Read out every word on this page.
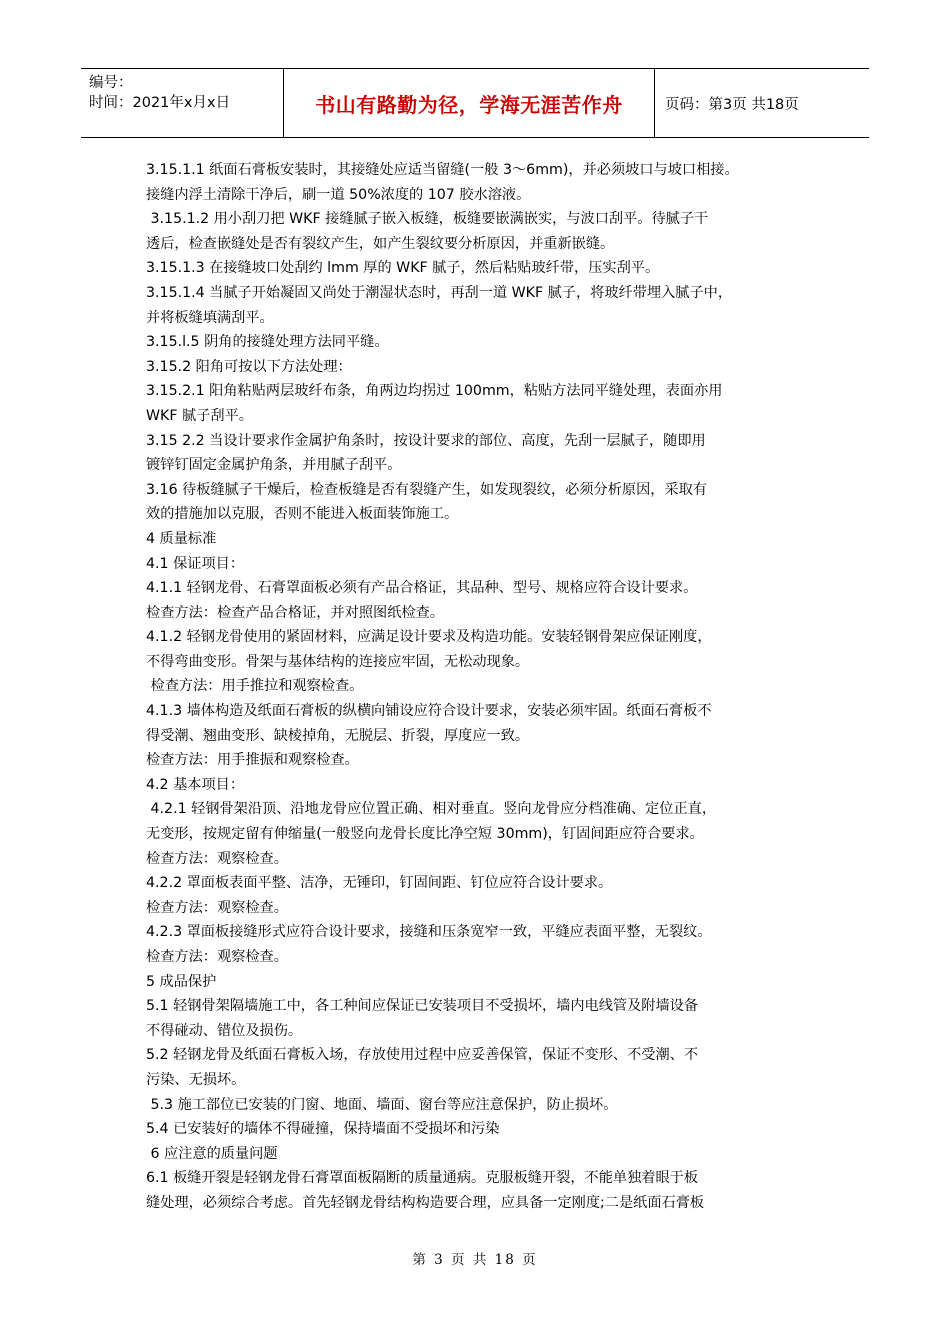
编号：
时间：2021年x月x日	书山有路勤为径，学海无涯苦作舟	页码：第3页 共18页

3.15.1.1 纸面石膏板安装时，其接缝处应适当留缝(一般 3～6mm)，并必须坡口与坡口相接。

接缝内浮土清除干净后，刷一道 50%浓度的 107 胶水溶液。

3.15.1.2 用小刮刀把 WKF 接缝腻子嵌入板缝，板缝要嵌满嵌实，与波口刮平。待腻子干

透后，检查嵌缝处是否有裂纹产生，如产生裂纹要分析原因，并重新嵌缝。

3.15.1.3 在接缝坡口处刮约 lmm 厚的 WKF 腻子，然后粘贴玻纤带，压实刮平。

3.15.1.4 当腻子开始凝固又尚处于潮湿状态时，再刮一道 WKF 腻子，将玻纤带埋入腻子中，

并将板缝填满刮平。

3.15.l.5 阴角的接缝处理方法同平缝。

3.15.2 阳角可按以下方法处理：

3.15.2.1 阳角粘贴两层玻纤布条，角两边均拐过 100mm，粘贴方法同平缝处理，表面亦用

WKF 腻子刮平。

3.15 2.2 当设计要求作金属护角条时，按设计要求的部位、高度，先刮一层腻子，随即用

镀锌钉固定金属护角条，并用腻子刮平。

3.16 待板缝腻子干燥后，检查板缝是否有裂缝产生，如发现裂纹，必须分析原因，采取有

效的措施加以克服，否则不能进入板面装饰施工。

4 质量标准

4.1 保证项目：

4.1.1 轻钢龙骨、石膏罩面板必须有产品合格证，其品种、型号、规格应符合设计要求。

检查方法：检查产品合格证，并对照图纸检查。

4.1.2 轻钢龙骨使用的紧固材料，应满足设计要求及构造功能。安装轻钢骨架应保证刚度，

不得弯曲变形。骨架与基体结构的连接应牢固，无松动现象。

检查方法：用手推拉和观察检查。

4.1.3 墙体构造及纸面石膏板的纵横向铺设应符合设计要求，安装必须牢固。纸面石膏板不

得受潮、翘曲变形、缺棱掉角，无脱层、折裂，厚度应一致。

检查方法：用手推振和观察检查。

4.2 基本项目：

4.2.1 轻钢骨架沿顶、沿地龙骨应位置正确、相对垂直。竖向龙骨应分档准确、定位正直，

无变形，按规定留有伸缩量(一般竖向龙骨长度比净空短 30mm)，钉固间距应符合要求。

检查方法：观察检查。

4.2.2 罩面板表面平整、洁净，无锤印，钉固间距、钉位应符合设计要求。

检查方法：观察检查。

4.2.3 罩面板接缝形式应符合设计要求，接缝和压条宽窄一致，平缝应表面平整，无裂纹。

检查方法：观察检查。

5 成品保护

5.1 轻钢骨架隔墙施工中，各工种间应保证已安装项目不受损坏，墙内电线管及附墙设备

不得碰动、错位及损伤。

5.2 轻钢龙骨及纸面石膏板入场，存放使用过程中应妥善保管，保证不变形、不受潮、不

污染、无损坏。

5.3 施工部位已安装的门窗、地面、墙面、窗台等应注意保护，防止损坏。

5.4 已安装好的墙体不得碰撞，保持墙面不受损坏和污染

6 应注意的质量问题

6.1 板缝开裂是轻钢龙骨石膏罩面板隔断的质量通病。克服板缝开裂，不能单独着眼于板

缝处理，必须综合考虑。首先轻钢龙骨结构构造要合理，应具备一定刚度;二是纸面石膏板

第 3 页 共 18 页
